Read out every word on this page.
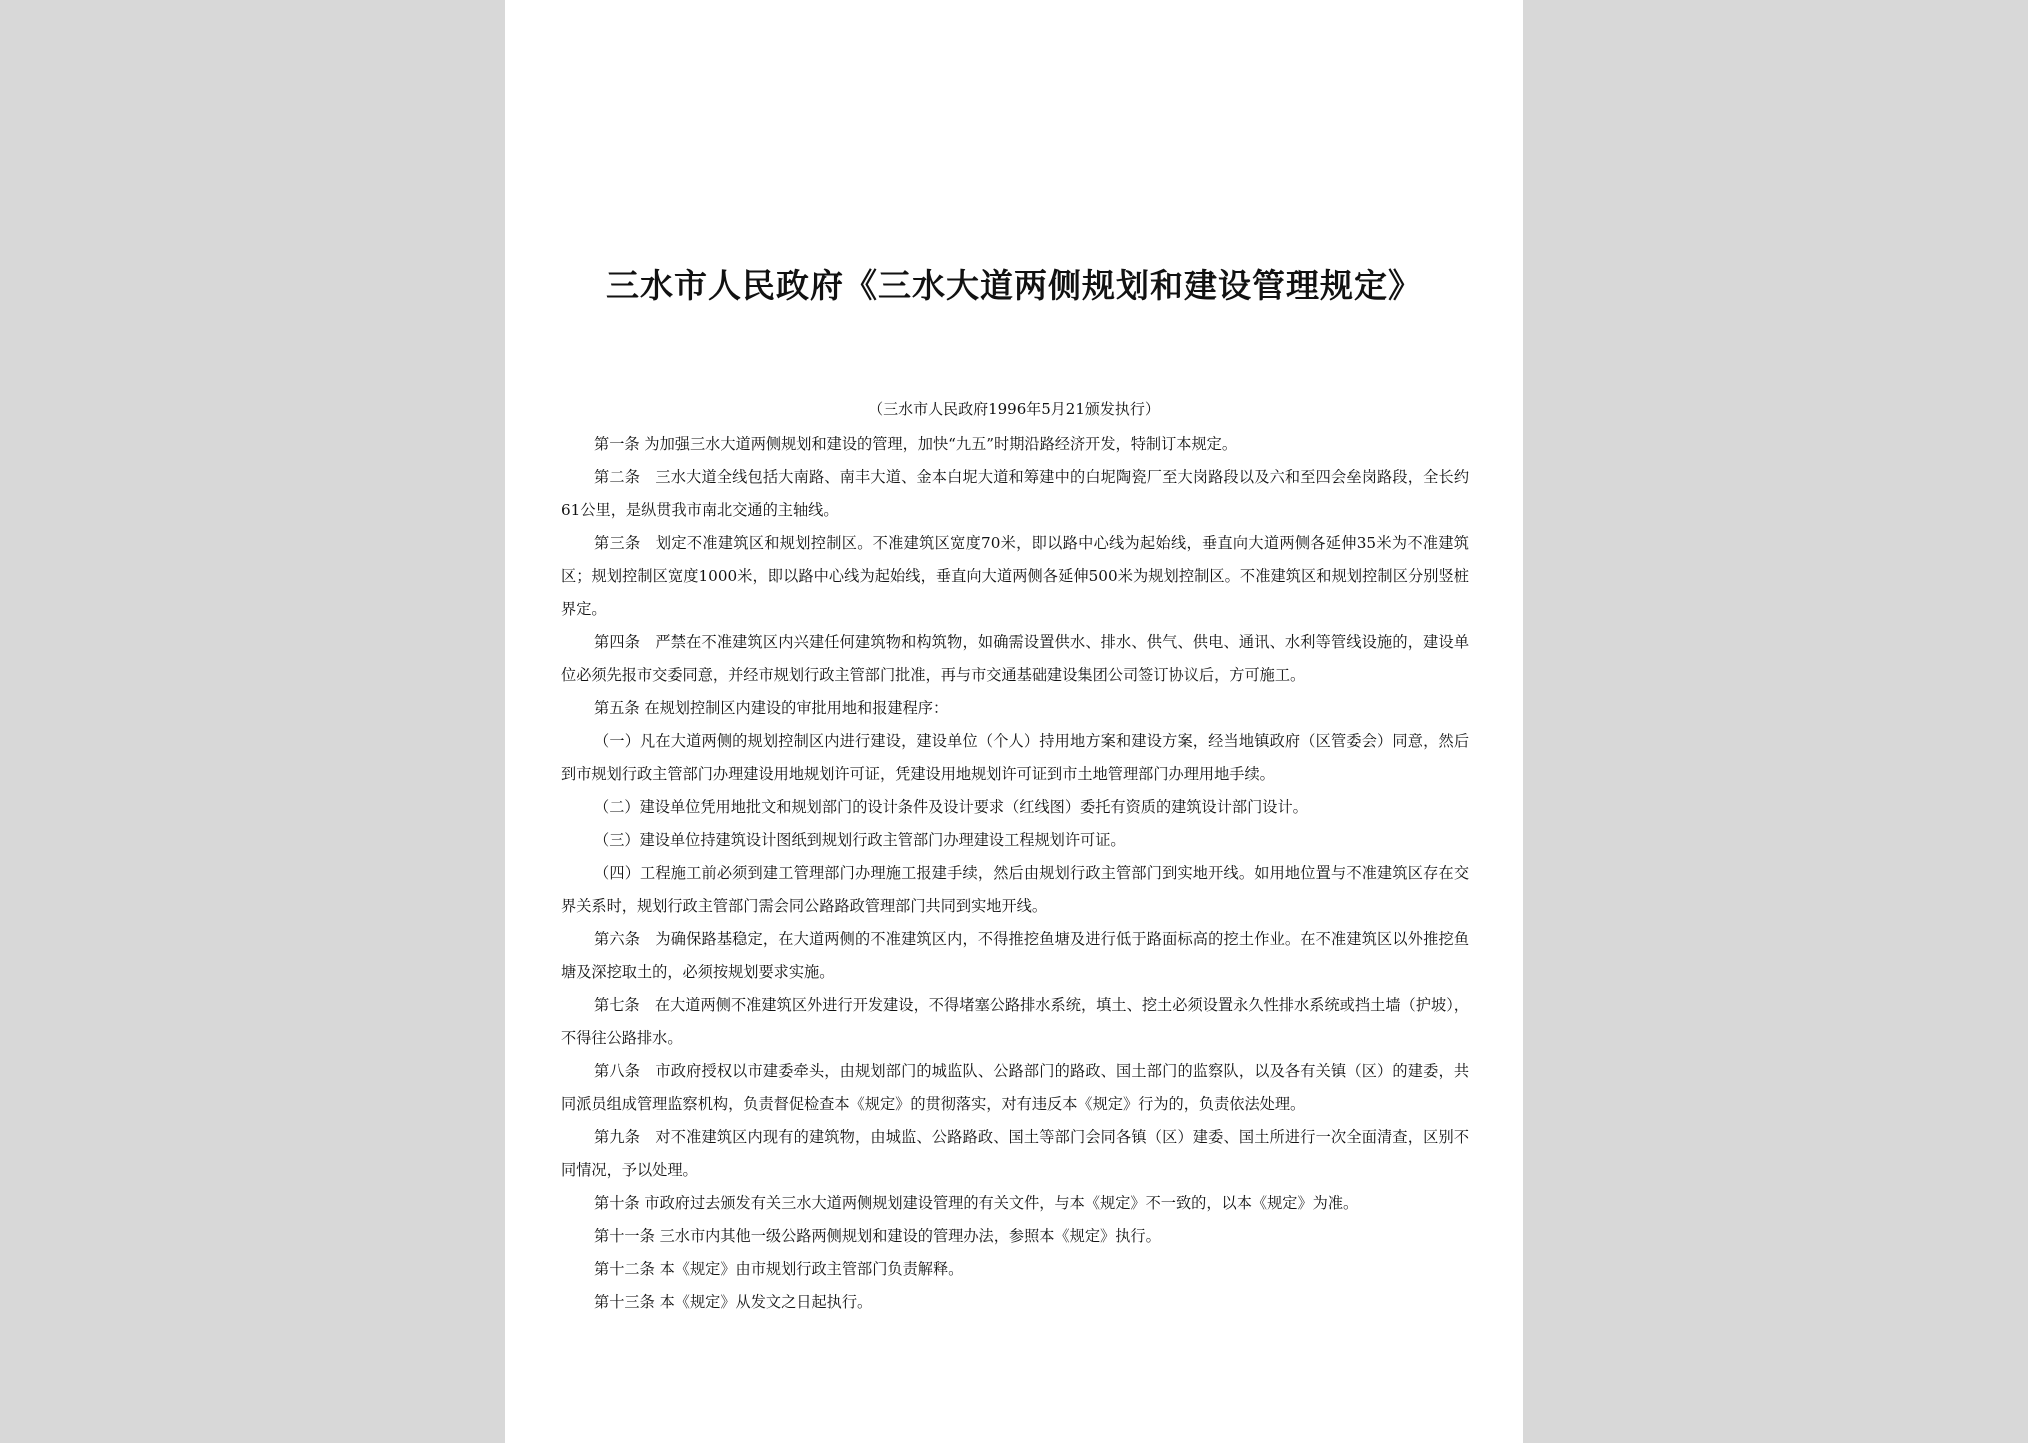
三水市人民政府《三水大道两侧规划和建设管理规定》

（三水市人民政府1996年5月21颁发执行）

第一条 为加强三水大道两侧规划和建设的管理，加快“九五”时期沿路经济开发，特制订本规定。

第二条　三水大道全线包括大南路、南丰大道、金本白坭大道和筹建中的白坭陶瓷厂至大岗路段以及六和至四会垒岗路段，全长约61公里，是纵贯我市南北交通的主轴线。

第三条　划定不准建筑区和规划控制区。不准建筑区宽度70米，即以路中心线为起始线，垂直向大道两侧各延伸35米为不准建筑区；规划控制区宽度1000米，即以路中心线为起始线，垂直向大道两侧各延伸500米为规划控制区。不准建筑区和规划控制区分别竖桩界定。

第四条　严禁在不准建筑区内兴建任何建筑物和构筑物，如确需设置供水、排水、供气、供电、通讯、水利等管线设施的，建设单位必须先报市交委同意，并经市规划行政主管部门批准，再与市交通基础建设集团公司签订协议后，方可施工。

第五条 在规划控制区内建设的审批用地和报建程序：

（一）凡在大道两侧的规划控制区内进行建设，建设单位（个人）持用地方案和建设方案，经当地镇政府（区管委会）同意，然后到市规划行政主管部门办理建设用地规划许可证，凭建设用地规划许可证到市土地管理部门办理用地手续。

（二）建设单位凭用地批文和规划部门的设计条件及设计要求（红线图）委托有资质的建筑设计部门设计。

（三）建设单位持建筑设计图纸到规划行政主管部门办理建设工程规划许可证。

（四）工程施工前必须到建工管理部门办理施工报建手续，然后由规划行政主管部门到实地开线。如用地位置与不准建筑区存在交界关系时，规划行政主管部门需会同公路路政管理部门共同到实地开线。

第六条　为确保路基稳定，在大道两侧的不准建筑区内，不得推挖鱼塘及进行低于路面标高的挖土作业。在不准建筑区以外推挖鱼塘及深挖取土的，必须按规划要求实施。

第七条　在大道两侧不准建筑区外进行开发建设，不得堵塞公路排水系统，填土、挖土必须设置永久性排水系统或挡土墙（护坡），不得往公路排水。

第八条　市政府授权以市建委牵头，由规划部门的城监队、公路部门的路政、国土部门的监察队，以及各有关镇（区）的建委，共同派员组成管理监察机构，负责督促检查本《规定》的贯彻落实，对有违反本《规定》行为的，负责依法处理。

第九条　对不准建筑区内现有的建筑物，由城监、公路路政、国土等部门会同各镇（区）建委、国土所进行一次全面清查，区别不同情况，予以处理。

第十条 市政府过去颁发有关三水大道两侧规划建设管理的有关文件，与本《规定》不一致的，以本《规定》为准。

第十一条 三水市内其他一级公路两侧规划和建设的管理办法，参照本《规定》执行。

第十二条 本《规定》由市规划行政主管部门负责解释。

第十三条 本《规定》从发文之日起执行。
